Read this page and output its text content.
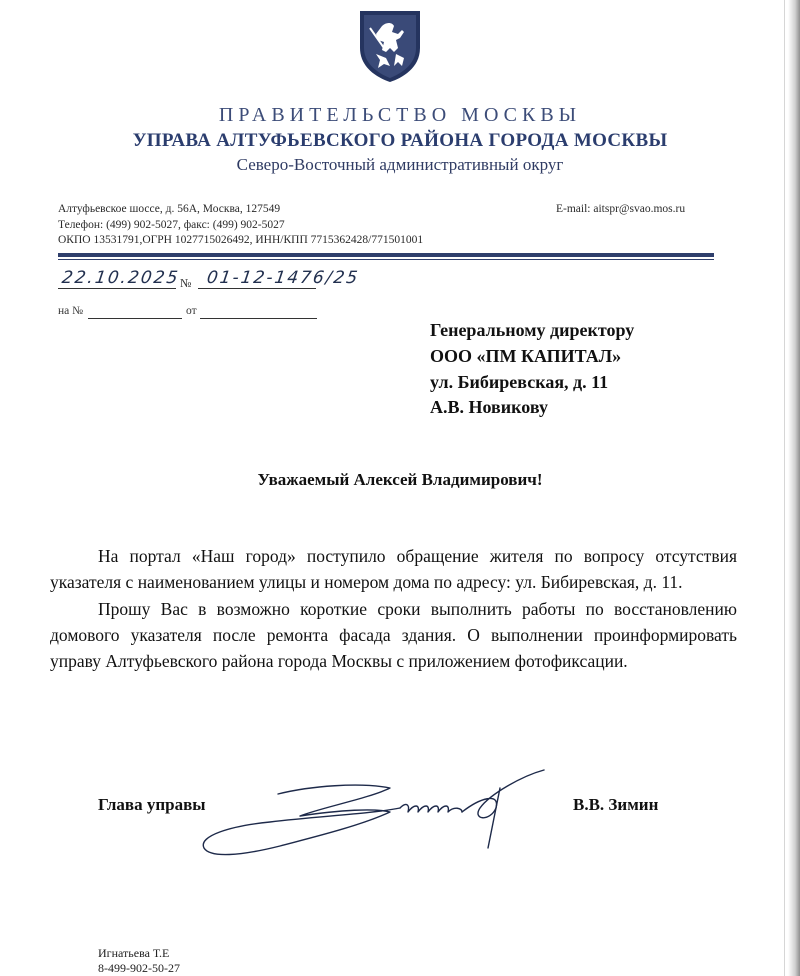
ПРАВИТЕЛЬСТВО МОСКВЫ
УПРАВА АЛТУФЬЕВСКОГО РАЙОНА ГОРОДА МОСКВЫ
Северо-Восточный административный округ
Алтуфьевское шоссе, д. 56А, Москва, 127549
Телефон: (499) 902-5027, факс: (499) 902-5027
ОКПО 13531791,ОГРН 1027715026492, ИНН/КПП 7715362428/771501001
E-mail: aitspr@svao.mos.ru
22.10.2025 № 01-12-1476/25
на №	от
Генеральному директору
ООО «ПМ КАПИТАЛ»
ул. Бибиревская, д. 11
А.В. Новикову
Уважаемый Алексей Владимирович!
На портал «Наш город» поступило обращение жителя по вопросу отсутствия указателя с наименованием улицы и номером дома по адресу: ул. Бибиревская, д. 11.
Прошу Вас в возможно короткие сроки выполнить работы по восстановлению домового указателя после ремонта фасада здания. О выполнении проинформировать управу Алтуфьевского района города Москвы с приложением фотофиксации.
Глава управы	В.В. Зимин
Игнатьева Т.Е
8-499-902-50-27
